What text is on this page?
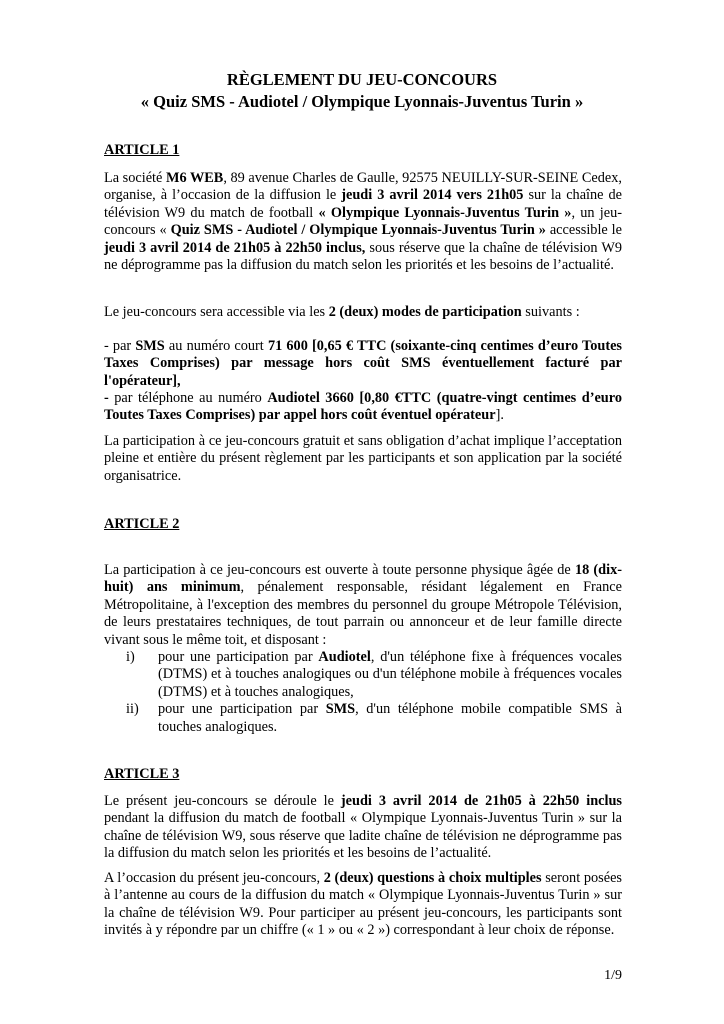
RÈGLEMENT DU JEU-CONCOURS
« Quiz SMS - Audiotel / Olympique Lyonnais-Juventus Turin »
ARTICLE 1
La société M6 WEB, 89 avenue Charles de Gaulle, 92575 NEUILLY-SUR-SEINE Cedex, organise, à l’occasion de la diffusion le jeudi 3 avril 2014 vers 21h05 sur la chaîne de télévision W9 du match de football « Olympique Lyonnais-Juventus Turin », un jeu-concours « Quiz SMS - Audiotel / Olympique Lyonnais-Juventus Turin » accessible le jeudi 3 avril 2014 de 21h05 à 22h50 inclus, sous réserve que la chaîne de télévision W9 ne déprogramme pas la diffusion du match selon les priorités et les besoins de l’actualité.
Le jeu-concours sera accessible via les 2 (deux) modes de participation suivants :
- par SMS au numéro court 71 600 [0,65 € TTC (soixante-cinq centimes d’euro Toutes Taxes Comprises) par message hors coût SMS éventuellement facturé par l'opérateur],
- par téléphone au numéro Audiotel 3660 [0,80 €TTC (quatre-vingt centimes d’euro Toutes Taxes Comprises) par appel hors coût éventuel opérateur].
La participation à ce jeu-concours gratuit et sans obligation d’achat implique l’acceptation pleine et entière du présent règlement par les participants et son application par la société organisatrice.
ARTICLE 2
La participation à ce jeu-concours est ouverte à toute personne physique âgée de 18 (dix-huit) ans minimum, pénalement responsable, résidant légalement en France Métropolitaine, à l'exception des membres du personnel du groupe Métropole Télévision, de leurs prestataires techniques, de tout parrain ou annonceur et de leur famille directe vivant sous le même toit, et disposant :
i) pour une participation par Audiotel, d'un téléphone fixe à fréquences vocales (DTMS) et à touches analogiques ou d'un téléphone mobile à fréquences vocales (DTMS) et à touches analogiques,
ii) pour une participation par SMS, d'un téléphone mobile compatible SMS à touches analogiques.
ARTICLE 3
Le présent jeu-concours se déroule le jeudi 3 avril 2014 de 21h05 à 22h50 inclus pendant la diffusion du match de football « Olympique Lyonnais-Juventus Turin » sur la chaîne de télévision W9, sous réserve que ladite chaîne de télévision ne déprogramme pas la diffusion du match selon les priorités et les besoins de l’actualité.
A l’occasion du présent jeu-concours, 2 (deux) questions à choix multiples seront posées à l’antenne au cours de la diffusion du match « Olympique Lyonnais-Juventus Turin » sur la chaîne de télévision W9. Pour participer au présent jeu-concours, les participants sont invités à y répondre par un chiffre (« 1 » ou « 2 ») correspondant à leur choix de réponse.
1/9
